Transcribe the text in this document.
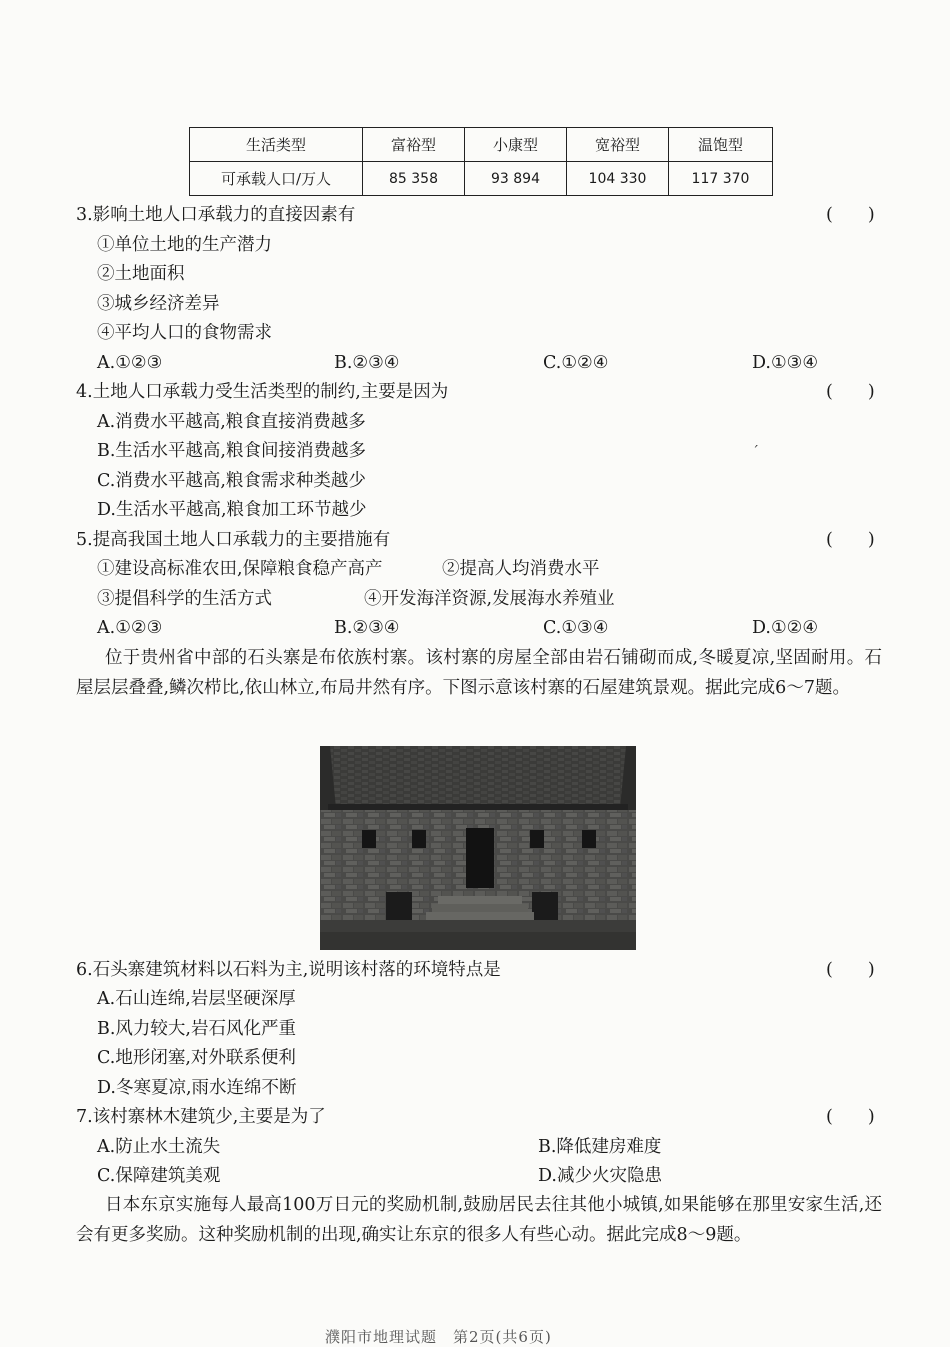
生活类型	富裕型	小康型	宽裕型	温饱型
可承载人口/万人	85 358	93 894	104 330	117 370
3.影响土地人口承载力的直接因素有	(　　)
①单位土地的生产潜力
②土地面积
③城乡经济差异
④平均人口的食物需求
A.①②③	B.②③④	C.①②④	D.①③④
4.土地人口承载力受生活类型的制约,主要是因为	(　　)
A.消费水平越高,粮食直接消费越多
B.生活水平越高,粮食间接消费越多
C.消费水平越高,粮食需求种类越少
D.生活水平越高,粮食加工环节越少
ˊ
5.提高我国土地人口承载力的主要措施有	(　　)
①建设高标准农田,保障粮食稳产高产	②提高人均消费水平
③提倡科学的生活方式	④开发海洋资源,发展海水养殖业
A.①②③	B.②③④	C.①③④	D.①②④
位于贵州省中部的石头寨是布依族村寨。该村寨的房屋全部由岩石铺砌而成,冬暖夏凉,坚固耐用。石屋层层叠叠,鳞次栉比,依山林立,布局井然有序。下图示意该村寨的石屋建筑景观。据此完成6～7题。
6.石头寨建筑材料以石料为主,说明该村落的环境特点是	(　　)
A.石山连绵,岩层坚硬深厚
B.风力较大,岩石风化严重
C.地形闭塞,对外联系便利
D.冬寒夏凉,雨水连绵不断
7.该村寨林木建筑少,主要是为了	(　　)
A.防止水土流失	B.降低建房难度
C.保障建筑美观	D.减少火灾隐患
日本东京实施每人最高100万日元的奖励机制,鼓励居民去往其他小城镇,如果能够在那里安家生活,还会有更多奖励。这种奖励机制的出现,确实让东京的很多人有些心动。据此完成8～9题。
濮阳市地理试题　第2页(共6页)
